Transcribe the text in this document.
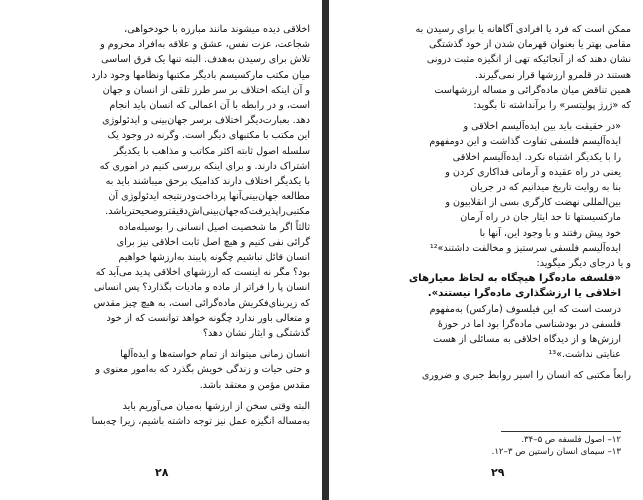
اخلاقی دیده میشوند مانند مبارزه با خودخواهی،
شجاعت، عزت نفس، عشق و علاقه به‌افراد محروم و
تلاش برای رسیدن به‌هدف. البته تنها یک فرق اساسی
میان مکتب مارکسیسم بادیگر مکتبها ونظامها وجود دارد
و آن اینکه اختلاف بر سر طرز تلقی از انسان و جهان
است، و در رابطه با آن اعمالی که انسان باید انجام
دهد. بعبارت‌دیگر اختلاف برسر جهان‌بینی و ایدئولوژی
این مکتب با مکتبهای دیگر است. وگرنه در وجود یک
سلسله اصول ثابته اکثر مکاتب و مذاهب با یکدیگر
اشتراک دارند. و برای اینکه بررسی کنیم در اموری که
با یکدیگر اختلاف دارند کدامیک برحق میباشند باید به
مطالعه جهان‌بینی‌آنها پرداخت‌ودرنتیجه ایدئولوژی آن
مکتبی‌را‌پذیرفت‌که‌جهان‌بینی‌اش‌دقیقتروصحیحتر‌باشد.
ثالثاً اگر ما شخصیت اصیل انسانی را بوسیله‌ماده‌
گرائی نفی کنیم و هیچ اصل ثابت اخلاقی نیز برای
انسان قائل نباشیم چگونه پایبند به‌ارزشها خواهیم
بود؟ مگر نه اینست که ارزشهای اخلاقی پدید می‌آید که
انسان پا را فراتر از ماده و مادیات بگذارد؟ پس انسانی
که زیربنای‌فکریش ماده‌گرائی است، به هیچ چیز مقدس
و متعالی باور ندارد چگونه خواهد توانست که از خود
گذشتگی و ایثار نشان دهد؟
انسان زمانی میتواند از تمام خواسته‌ها و ایده‌آلها
و حتی حیات و زندگی خویش بگذرد که به‌امور معنوی و
مقدس مؤمن و معتقد باشد.
البته وقتی سخن از ارزشها به‌میان می‌آوریم باید
به‌مساله انگیزه عمل نیز توجه داشته باشیم، زیرا چه‌بسا
۲۸
ممکن است که فرد یا افرادی آگاهانه یا برای رسیدن به
مقامی بهتر یا بعنوان قهرمان شدن از خود گذشتگی
نشان دهند که از آنجائیکه تهی از انگیزه مثبت درونی
هستند در قلمرو ارزشها قرار نمی‌گیرند.
همین تناقض میان ماده‌گرائی و مساله ارزشهاست
که «ژرژ پولیتسر» را برآنداشته تا بگوید:
«در حقیقت باید بین ایده‌آلیسم اخلاقی و
ایده‌آلیسم فلسفی تفاوت گذاشت و این دومفهوم
را با یکدیگر اشتباه نکرد. ایده‌آلیسم اخلاقی
یعنی در راه عقیده و آرمانی فداکاری کردن و
بنا به روایت تاریخ میدانیم که در جریان
بین‌المللی نهضت کارگری بسی از انقلابیون و
مارکسیستها تا حد ایثار جان در راه آرمان
خود پیش رفتند و با وجود این، آنها با
ایده‌آلیسم فلسفی سرستیز و مخالفت داشتند»¹²
و یا درجای دیگر میگوید:
«فلسفه ماده‌گرا هیچگاه به لحاظ معیارهای
اخلاقی یا ارزشگذاری ماده‌گرا نیستند».
درست است که این فیلسوف (مارکس) به‌مفهوم
فلسفی در بودشناسی ماده‌گرا بود اما در حوزهٔ
ارزش‌ها و از دیدگاه اخلاقی به مسائلی از هست
عنایتی نداشت.»¹³
رابعاً مکتبی که انسان را اسیر روابط جبری و ضروری
۱۲– اصول فلسفه ص ۵–۳۴.
۱۳– سیمای انسان راستین ص ۳–۱۲.
۲۹
